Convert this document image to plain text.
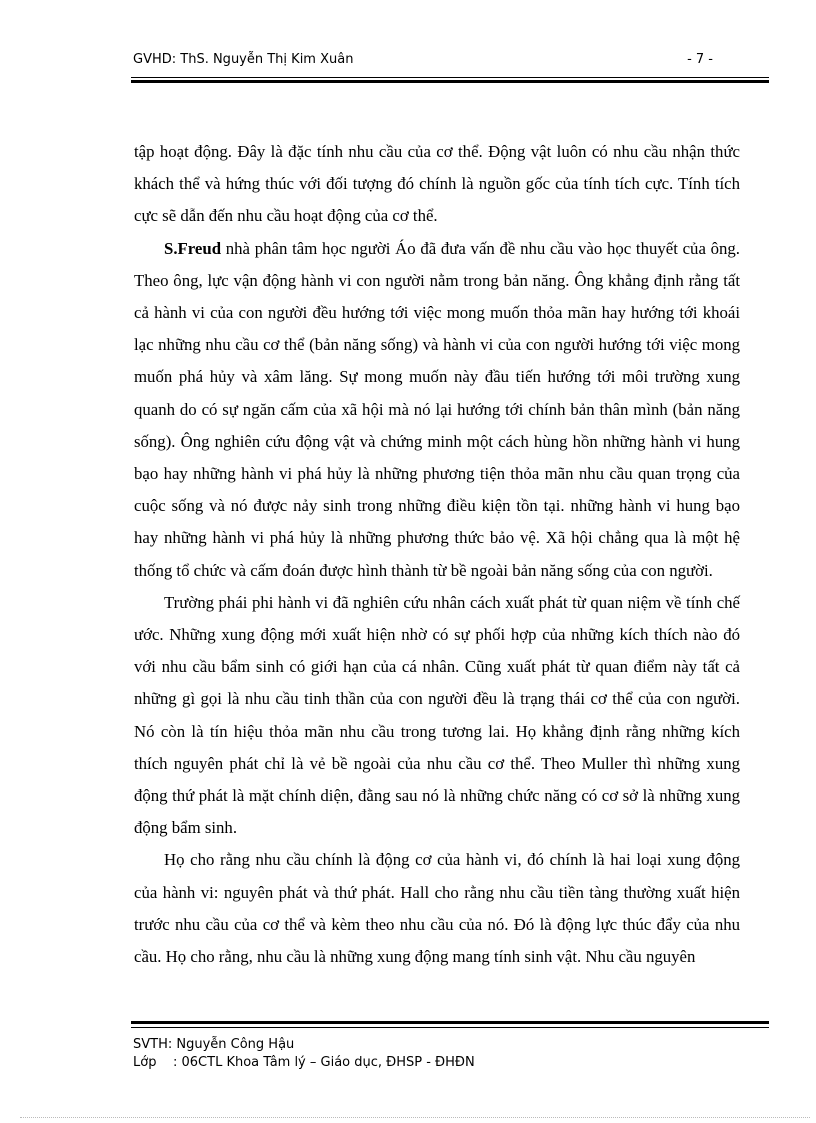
GVHD: ThS. Nguyễn Thị Kim Xuân	- 7 -

tập hoạt động. Đây là đặc tính nhu cầu của cơ thể. Động vật luôn có nhu cầu nhận thức khách thể và hứng thúc với đối tượng đó chính là nguồn gốc của tính tích cực. Tính tích cực sẽ dẫn đến nhu cầu hoạt động của cơ thể.

S.Freud nhà phân tâm học người Áo đã đưa vấn đề nhu cầu vào học thuyết của ông. Theo ông, lực vận động hành vi con người nằm trong bản năng. Ông khẳng định rằng tất cả hành vi của con người đều hướng tới việc mong muốn thỏa mãn hay hướng tới khoái lạc những nhu cầu cơ thể (bản năng sống) và hành vi của con người hướng tới việc mong muốn phá hủy và xâm lăng. Sự mong muốn này đầu tiến hướng tới môi trường xung quanh do có sự ngăn cấm của xã hội mà nó lại hướng tới chính bản thân mình (bản năng sống). Ông nghiên cứu động vật và chứng minh một cách hùng hồn những hành vi hung bạo hay những hành vi phá hủy là những phương tiện thỏa mãn nhu cầu quan trọng của cuộc sống và nó được nảy sinh trong những điều kiện tồn tại. những hành vi hung bạo hay những hành vi phá hủy là những phương thức bảo vệ. Xã hội chẳng qua là một hệ thống tổ chức và cấm đoán được hình thành từ bề ngoài bản năng sống của con người.

Trường phái phi hành vi đã nghiên cứu nhân cách xuất phát từ quan niệm về tính chế ước. Những xung động mới xuất hiện nhờ có sự phối hợp của những kích thích nào đó với nhu cầu bẩm sinh có giới hạn của cá nhân. Cũng xuất phát từ quan điểm này tất cả những gì gọi là nhu cầu tinh thần của con người đều là trạng thái cơ thể của con người. Nó còn là tín hiệu thỏa mãn nhu cầu trong tương lai. Họ khẳng định rằng những kích thích nguyên phát chỉ là vẻ bề ngoài của nhu cầu cơ thể. Theo Muller thì những xung động thứ phát là mặt chính diện, đằng sau nó là những chức năng có cơ sở là những xung động bẩm sinh.

Họ cho rằng nhu cầu chính là động cơ của hành vi, đó chính là hai loại xung động của hành vi: nguyên phát và thứ phát. Hall cho rằng nhu cầu tiền tàng thường xuất hiện trước nhu cầu của cơ thể và kèm theo nhu cầu của nó. Đó là động lực thúc đẩy của nhu cầu. Họ cho rằng, nhu cầu là những xung động mang tính sinh vật. Nhu cầu nguyên

SVTH: Nguyễn Công Hậu
Lớp	: 06CTL Khoa Tâm lý – Giáo dục, ĐHSP - ĐHĐN
